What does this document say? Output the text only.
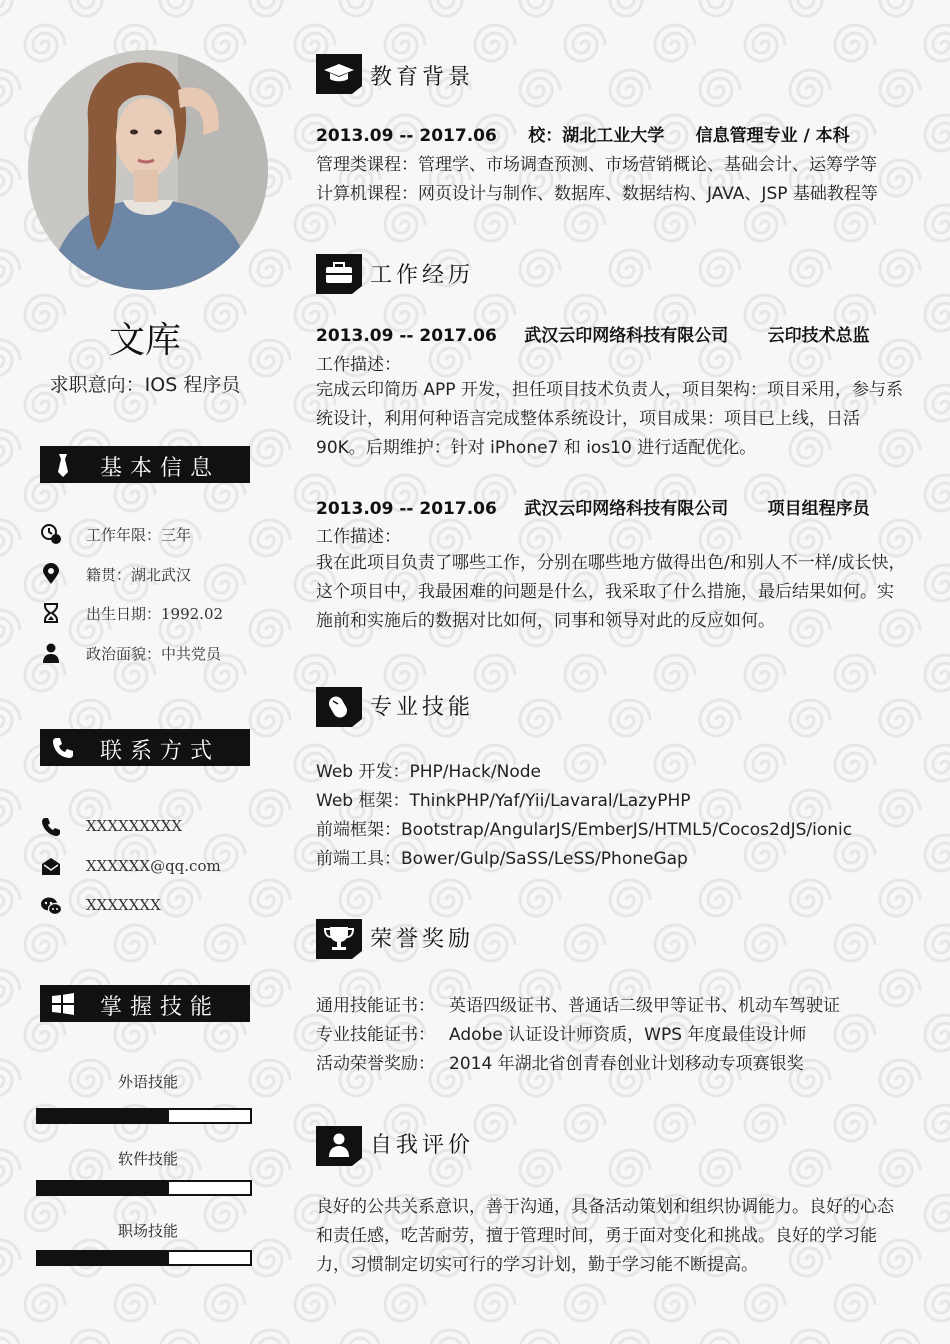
文库
求职意向：IOS 程序员
基本信息
工作年限：三年
籍贯：湖北武汉
出生日期：1992.02
政治面貌：中共党员
联系方式
XXXXXXXXX
XXXXXX@qq.com
XXXXXXX
掌握技能
外语技能
软件技能
职场技能
教育背景
2013.09 -- 2017.06 校：湖北工业大学 信息管理专业 / 本科
管理类课程：管理学、市场调查预测、市场营销概论、基础会计、运筹学等
计算机课程：网页设计与制作、数据库、数据结构、JAVA、JSP 基础教程等
工作经历
2013.09 -- 2017.06 武汉云印网络科技有限公司 云印技术总监
工作描述：
完成云印简历 APP 开发，担任项目技术负责人，项目架构：项目采用，参与系统设计，利用何种语言完成整体系统设计，项目成果：项目已上线，日活 90K。后期维护：针对 iPhone7 和 ios10 进行适配优化。
2013.09 -- 2017.06 武汉云印网络科技有限公司 项目组程序员
工作描述：
我在此项目负责了哪些工作，分别在哪些地方做得出色/和别人不一样/成长快，这个项目中，我最困难的问题是什么，我采取了什么措施，最后结果如何。实施前和实施后的数据对比如何，同事和领导对此的反应如何。
专业技能
Web 开发：PHP/Hack/Node
Web 框架：ThinkPHP/Yaf/Yii/Lavaral/LazyPHP
前端框架：Bootstrap/AngularJS/EmberJS/HTML5/Cocos2dJS/ionic
前端工具：Bower/Gulp/SaSS/LeSS/PhoneGap
荣誉奖励
通用技能证书： 英语四级证书、普通话二级甲等证书、机动车驾驶证
专业技能证书： Adobe 认证设计师资质，WPS 年度最佳设计师
活动荣誉奖励： 2014 年湖北省创青春创业计划移动专项赛银奖
自我评价
良好的公共关系意识，善于沟通，具备活动策划和组织协调能力。良好的心态和责任感，吃苦耐劳，擅于管理时间，勇于面对变化和挑战。良好的学习能力，习惯制定切实可行的学习计划，勤于学习能不断提高。
